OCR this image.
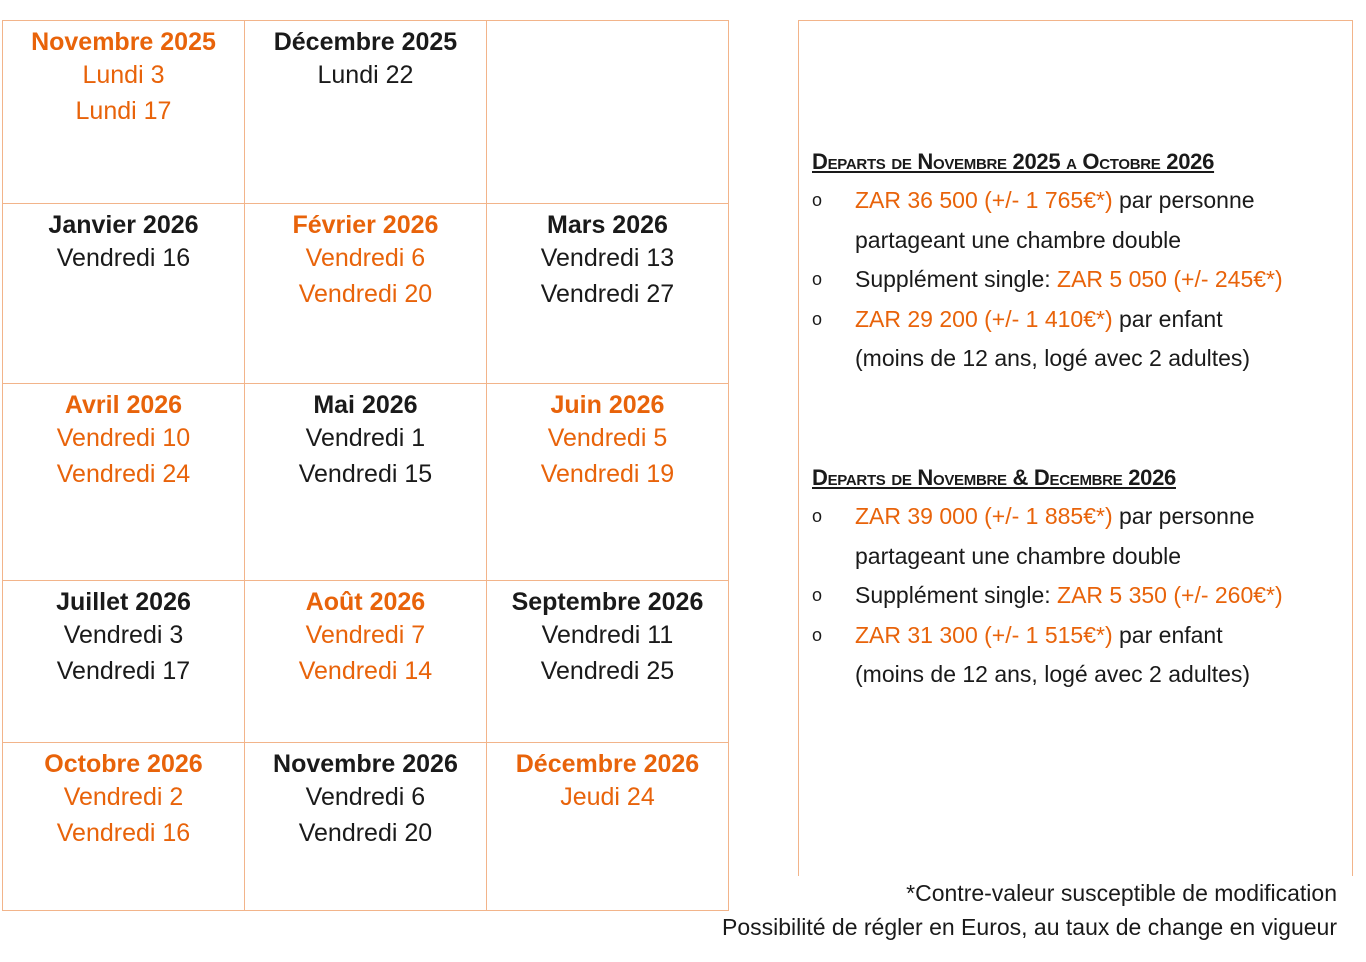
Novembre 2025
Lundi 3
Lundi 17	Décembre 2025
Lundi 22	

Janvier 2026
Vendredi 16	Février 2026
Vendredi 6
Vendredi 20	Mars 2026
Vendredi 13
Vendredi 27

Avril 2026
Vendredi 10
Vendredi 24	Mai 2026
Vendredi 1
Vendredi 15	Juin 2026
Vendredi 5
Vendredi 19

Juillet 2026
Vendredi 3
Vendredi 17	Août 2026
Vendredi 7
Vendredi 14	Septembre 2026
Vendredi 11
Vendredi 25

Octobre 2026
Vendredi 2
Vendredi 16	Novembre 2026
Vendredi 6
Vendredi 20	Décembre 2026
Jeudi 24
Departs de Novembre 2025 a Octobre 2026
o ZAR 36 500 (+/- 1 765€*) par personne
partageant une chambre double
o Supplément single: ZAR 5 050 (+/- 245€*)
o ZAR 29 200 (+/- 1 410€*) par enfant
(moins de 12 ans, logé avec 2 adultes)
Departs de Novembre & Decembre 2026
o ZAR 39 000 (+/- 1 885€*) par personne
partageant une chambre double
o Supplément single: ZAR 5 350 (+/- 260€*)
o ZAR 31 300 (+/- 1 515€*) par enfant
(moins de 12 ans, logé avec 2 adultes)
*Contre-valeur susceptible de modification
Possibilité de régler en Euros, au taux de change en vigueur
